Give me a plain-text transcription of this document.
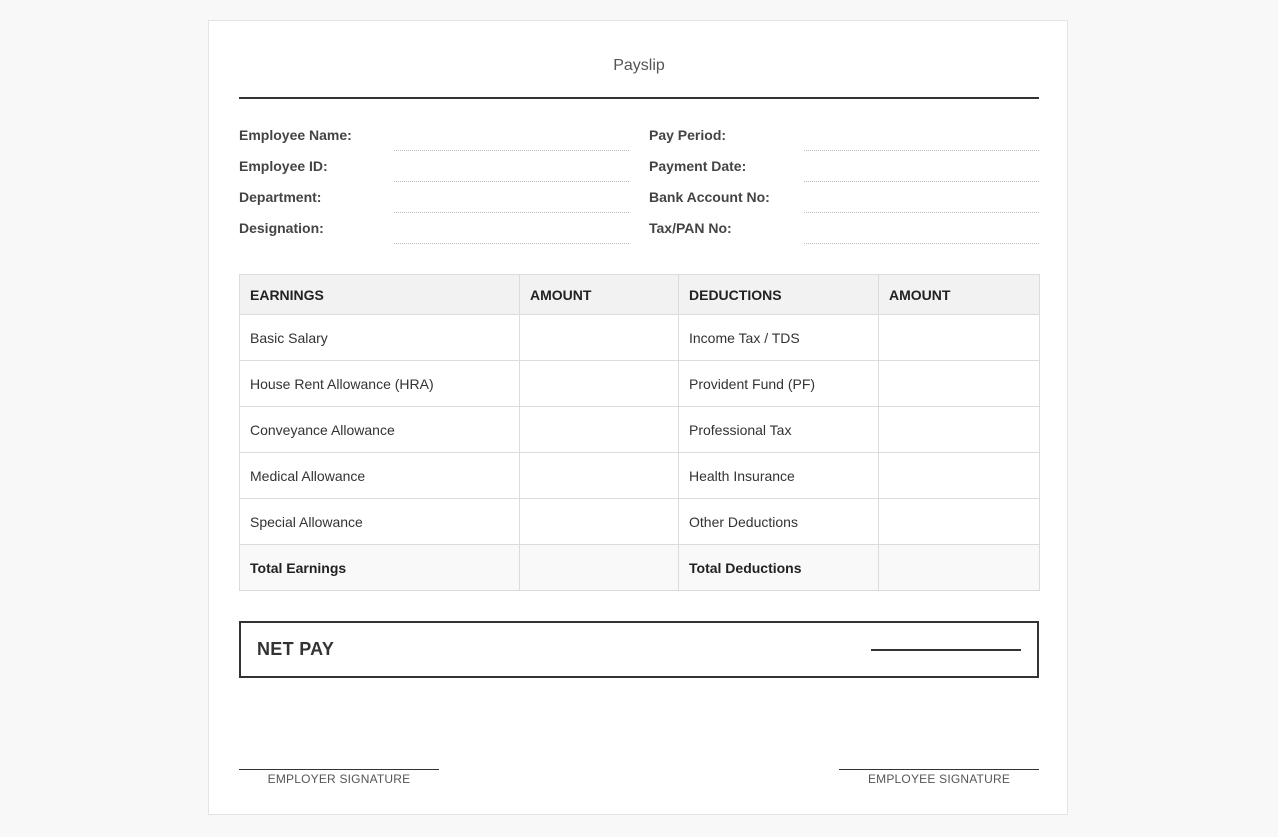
Payslip
Employee Name:
Employee ID:
Department:
Designation:
Pay Period:
Payment Date:
Bank Account No:
Tax/PAN No:
EARNINGS	AMOUNT	DEDUCTIONS	AMOUNT
Basic Salary		Income Tax / TDS	
House Rent Allowance (HRA)		Provident Fund (PF)	
Conveyance Allowance		Professional Tax	
Medical Allowance		Health Insurance	
Special Allowance		Other Deductions	
Total Earnings		Total Deductions	
NET PAY
EMPLOYER SIGNATURE	EMPLOYEE SIGNATURE
